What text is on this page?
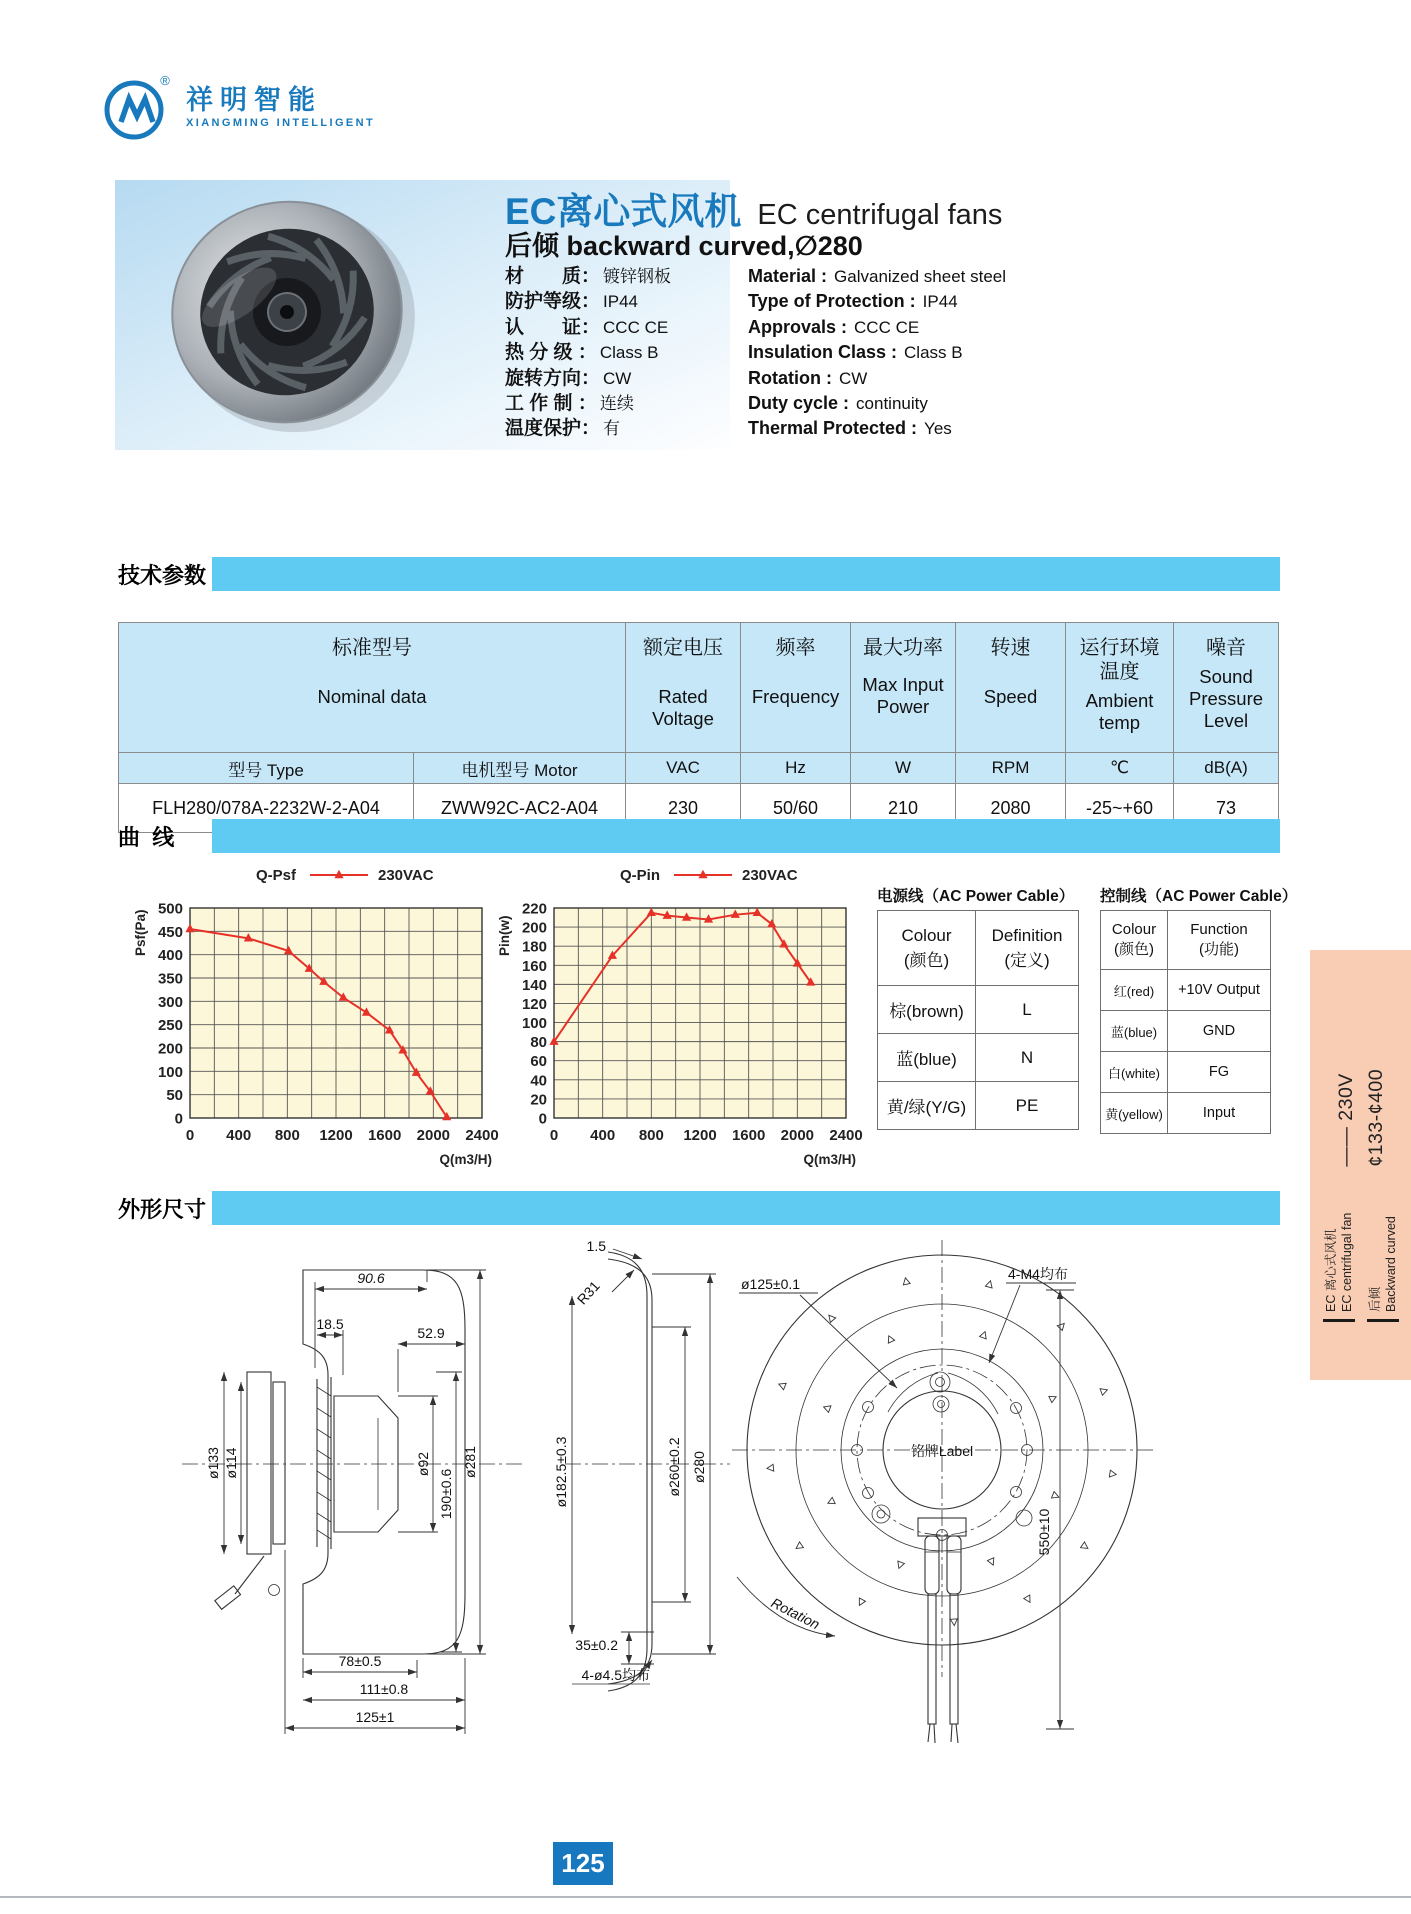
®
祥明智能
XIANGMING INTELLIGENT
EC离心式风机 EC centrifugal fans
后倾 backward curved,∅280
材　　质： 镀锌钢板
防护等级： IP44
认　　证： CCC CE
热 分 级 ： Class B
旋转方向： CW
工 作 制 ： 连续
温度保护： 有
Material : Galvanized sheet steel
Type of Protection : IP44
Approvals : CCC CE
Insulation Class : Class B
Rotation : CW
Duty cycle : continuity
Thermal Protected : Yes
技术参数
标准型号
Nominal data

额定电压
Rated Voltage

频率
Frequency

最大功率
Max Input Power

转速
Speed

运行环境温度
Ambient temp

噪音
Sound Pressure Level

型号 Type	电机型号 Motor	VAC	Hz	W	RPM	℃	dB(A)
FLH280/078A-2232W-2-A04	ZWW92C-AC2-A04	230	50/60	210	2080	-25~+60	73
曲  线
500
450
400
350
300
250
200
100
50
0
0 400 800 1200 1600 2000 2400
Q-Psf	230VAC
Psf(Pa)
Q(m3/H)
220
200
180
160
140
120
100
80
60
40
20
0
0 400 800 1200 1600 2000 2400
Q-Pin	230VAC
Pin(w)
Q(m3/H)
电源线（AC Power Cable）
Colour
(颜色)

Definition
(定义)

棕(brown)	L
蓝(blue)	N
黄/绿(Y/G)	PE
控制线（AC Power Cable）
Colour
(颜色)

Function
(功能)

红(red)	+10V Output
蓝(blue)	GND
白(white)	FG
黄(yellow)	Input
EC 离心式风机 EC centrifugal fan 后倾 Backward curved
—— 230V ¢133-¢400
外形尺寸
90.6
18.5
52.9
ø133 ø114	ø92
190±0.6
ø281
78±0.5
111±0.8
125±1
1.5
R31
ø182.5±0.3	ø260±0.2 ø280
35±0.2
4-ø4.5均布
ø125±0.1
4-M4均布
铭牌Label
Rotation
550±10
125
